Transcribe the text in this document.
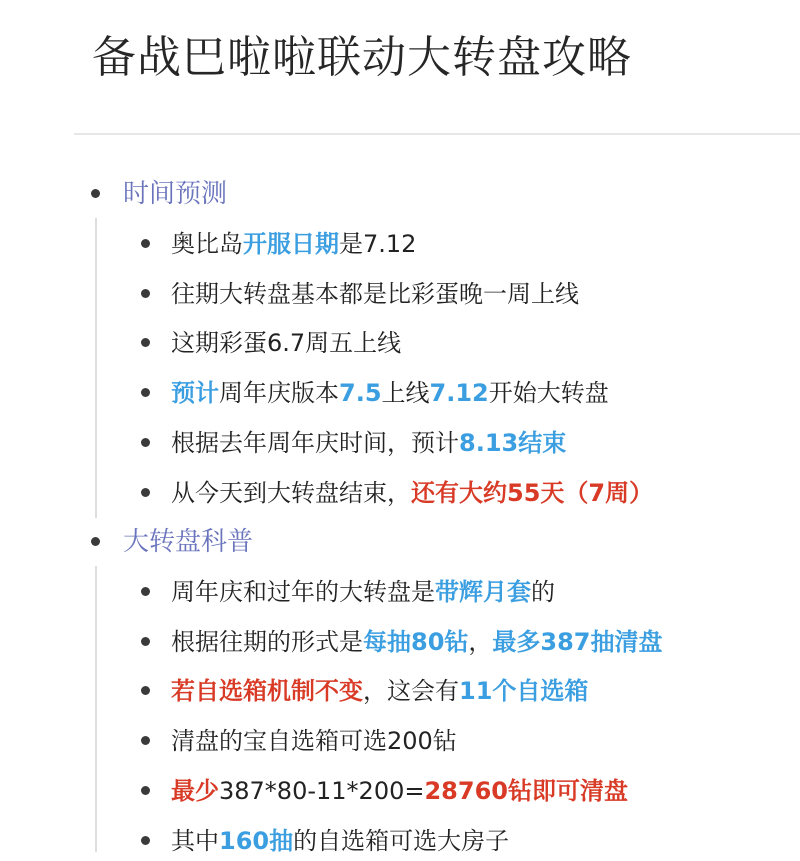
备战巴啦啦联动大转盘攻略
时间预测
奥比岛开服日期是7.12
往期大转盘基本都是比彩蛋晚一周上线
这期彩蛋6.7周五上线
预计周年庆版本7.5上线7.12开始大转盘
根据去年周年庆时间，预计8.13结束
从今天到大转盘结束，还有大约55天（7周）
大转盘科普
周年庆和过年的大转盘是带辉月套的
根据往期的形式是每抽80钻，最多387抽清盘
若自选箱机制不变，这会有11个自选箱
清盘的宝自选箱可选200钻
最少387*80-11*200=28760钻即可清盘
其中160抽的自选箱可选大房子
